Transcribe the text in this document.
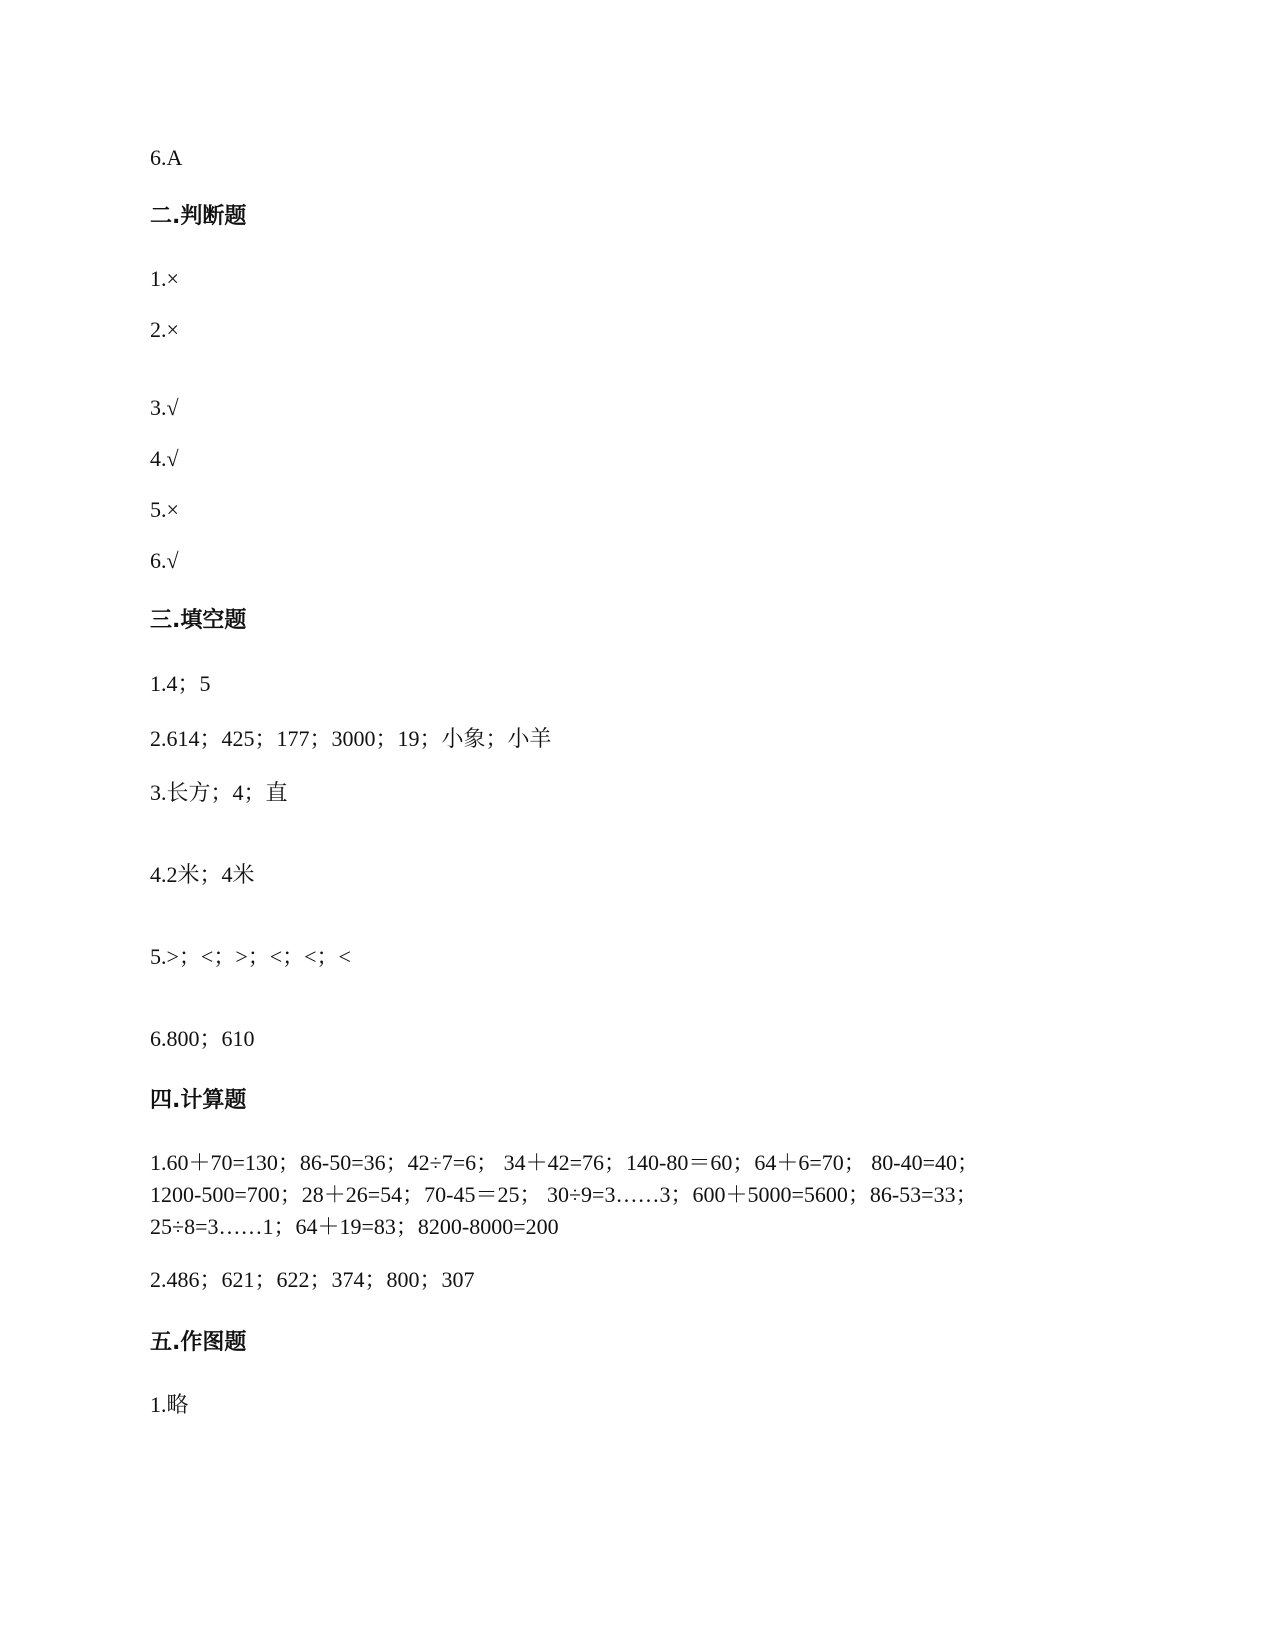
6.A
二.判断题
1.×
2.×
3.√
4.√
5.×
6.√
三.填空题
1.4；5
2.614；425；177；3000；19；小象；小羊
3.长方；4；直
4.2米；4米
5.>；<；>；<；<；<
6.800；610
四.计算题
1.60＋70=130；86-50=36；42÷7=6； 34＋42=76；140-80＝60；64＋6=70； 80-40=40；
1200-500=700；28＋26=54；70-45＝25； 30÷9=3……3；600＋5000=5600；86-53=33；
25÷8=3……1；64＋19=83；8200-8000=200
2.486；621；622；374；800；307
五.作图题
1.略
